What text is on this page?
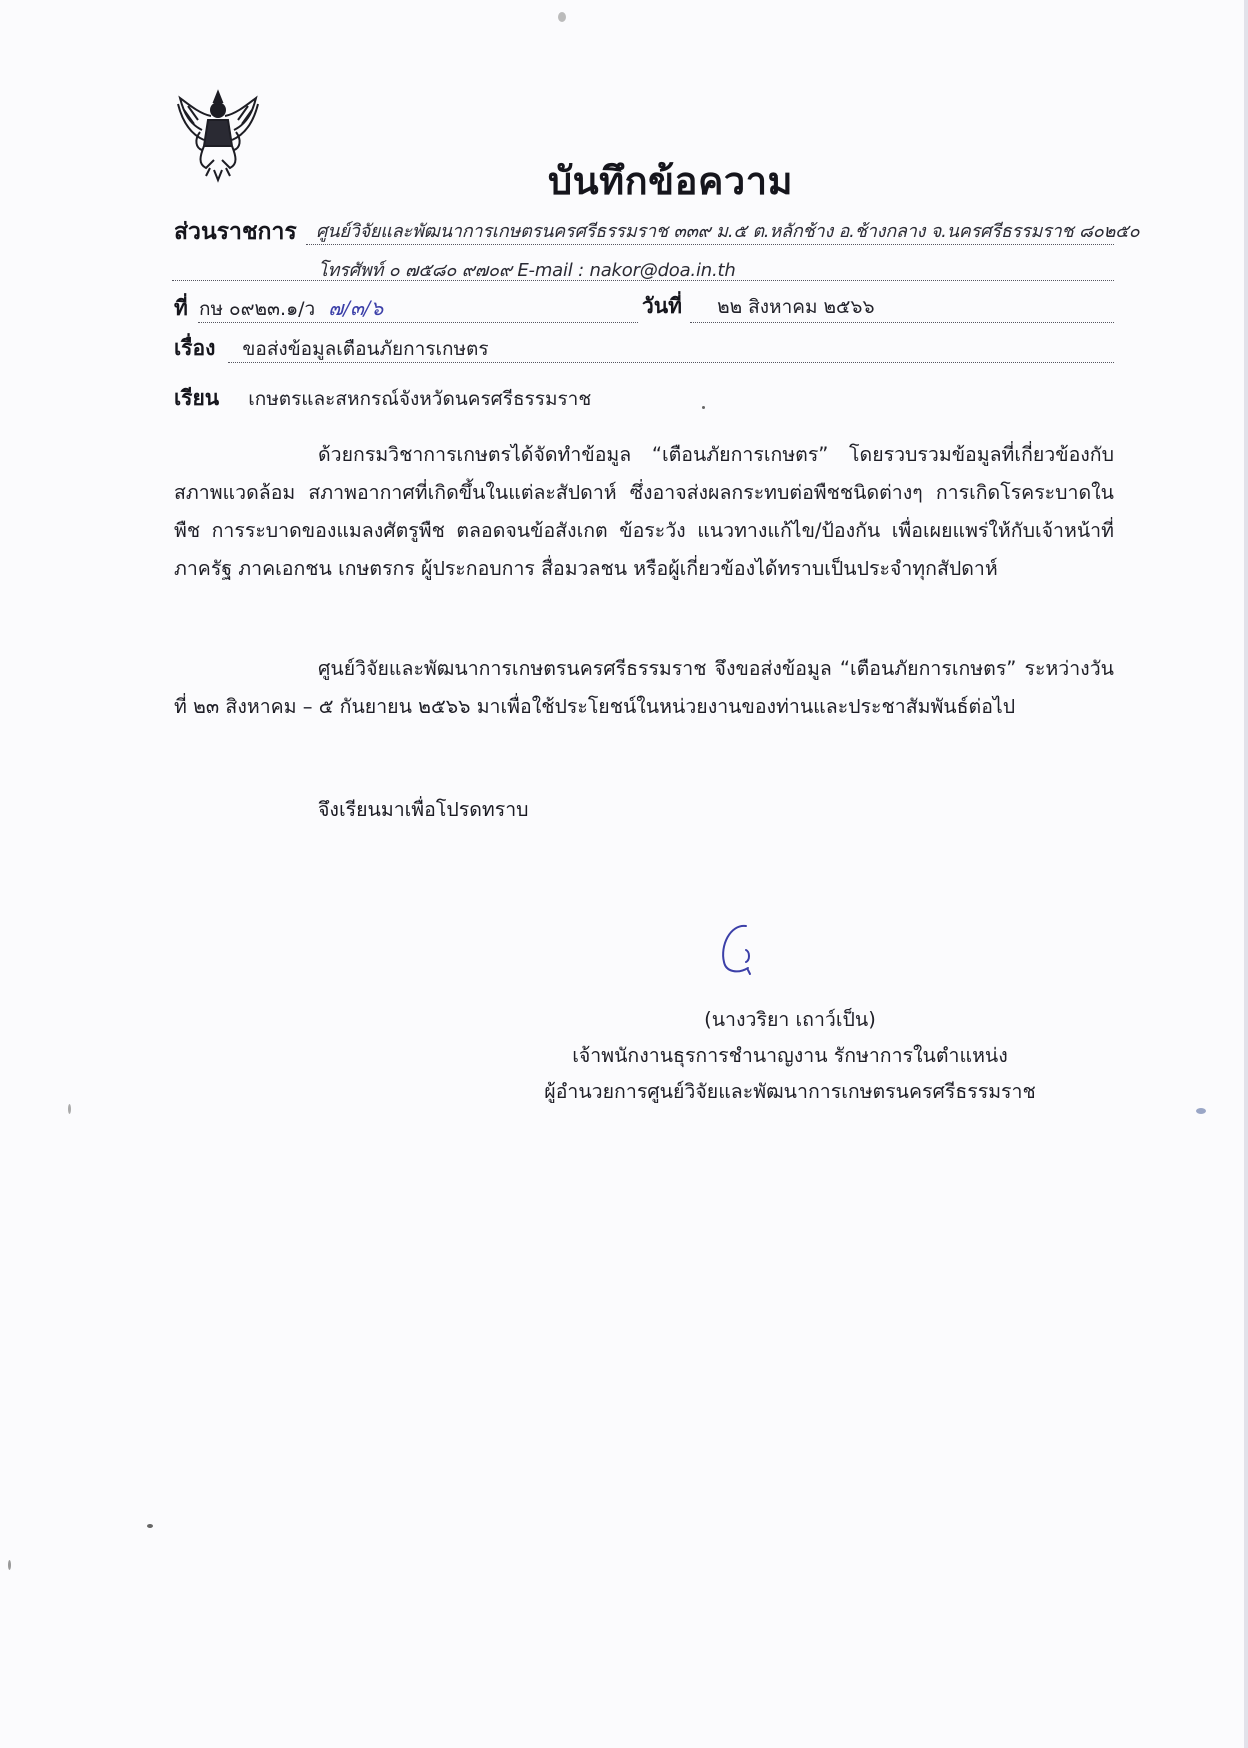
บันทึกข้อความ
ส่วนราชการ ศูนย์วิจัยและพัฒนาการเกษตรนครศรีธรรมราช ๓๓๙ ม.๕ ต.หลักช้าง อ.ช้างกลาง จ.นครศรีธรรมราช ๘๐๒๕๐
โทรศัพท์ ๐ ๗๕๘๐ ๙๗๐๙ E-mail : nakor@doa.in.th
ที่ กษ ๐๙๒๓.๑/ว ๗/๓/๖	วันที่ ๒๒ สิงหาคม ๒๕๖๖
เรื่อง ขอส่งข้อมูลเตือนภัยการเกษตร
เรียน เกษตรและสหกรณ์จังหวัดนครศรีธรรมราช
ด้วยกรมวิชาการเกษตรได้จัดทำข้อมูล “เตือนภัยการเกษตร” โดยรวบรวมข้อมูลที่เกี่ยวข้องกับสภาพแวดล้อม สภาพอากาศที่เกิดขึ้นในแต่ละสัปดาห์ ซึ่งอาจส่งผลกระทบต่อพืชชนิดต่างๆ การเกิดโรคระบาดในพืช การระบาดของแมลงศัตรูพืช ตลอดจนข้อสังเกต ข้อระวัง แนวทางแก้ไข/ป้องกัน เพื่อเผยแพร่ให้กับเจ้าหน้าที่ภาครัฐ ภาคเอกชน เกษตรกร ผู้ประกอบการ สื่อมวลชน หรือผู้เกี่ยวข้องได้ทราบเป็นประจำทุกสัปดาห์
ศูนย์วิจัยและพัฒนาการเกษตรนครศรีธรรมราช จึงขอส่งข้อมูล “เตือนภัยการเกษตร” ระหว่างวันที่ ๒๓ สิงหาคม – ๕ กันยายน ๒๕๖๖ มาเพื่อใช้ประโยชน์ในหน่วยงานของท่านและประชาสัมพันธ์ต่อไป
จึงเรียนมาเพื่อโปรดทราบ
(นางวริยา เถาว์เป็น)
เจ้าพนักงานธุรการชำนาญงาน รักษาการในตำแหน่ง
ผู้อำนวยการศูนย์วิจัยและพัฒนาการเกษตรนครศรีธรรมราช
